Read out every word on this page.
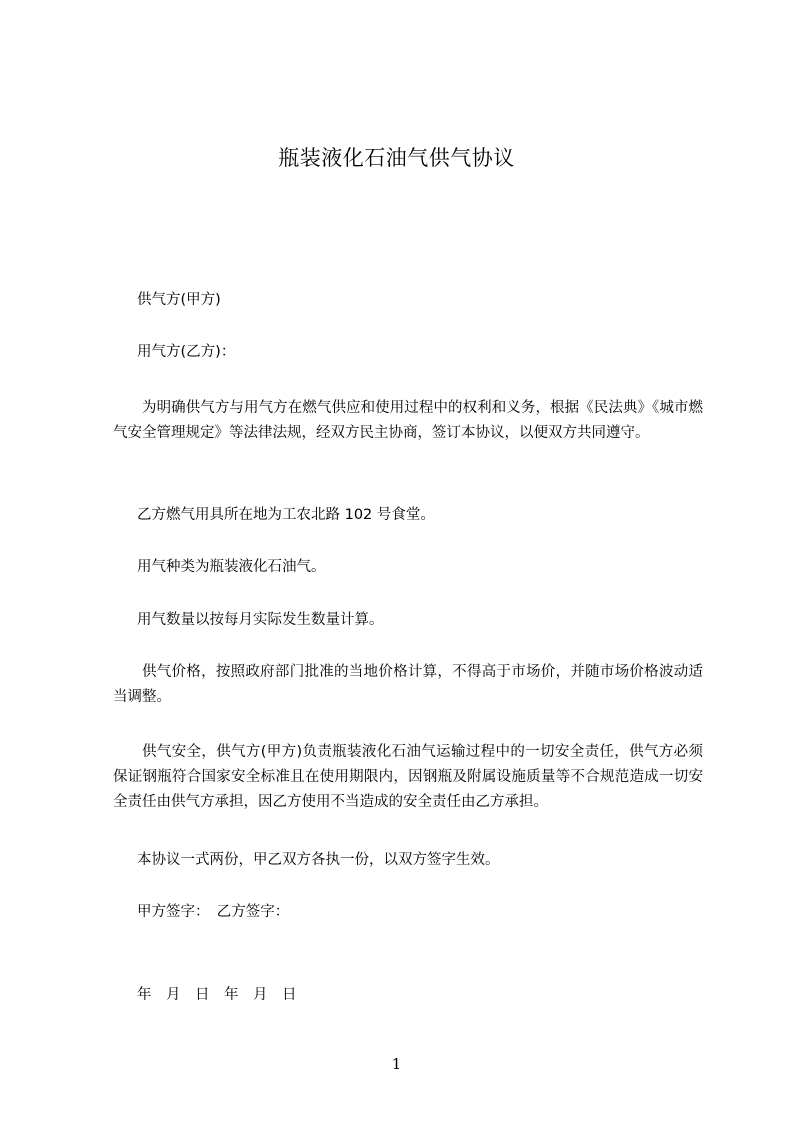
瓶装液化石油气供气协议

供气方(甲方)

用气方(乙方)：

为明确供气方与用气方在燃气供应和使用过程中的权利和义务，根据《民法典》《城市燃气安全管理规定》等法律法规，经双方民主协商，签订本协议，以便双方共同遵守。

乙方燃气用具所在地为工农北路 102 号食堂。

用气种类为瓶装液化石油气。

用气数量以按每月实际发生数量计算。

供气价格，按照政府部门批准的当地价格计算，不得高于市场价，并随市场价格波动适当调整。

供气安全，供气方(甲方)负责瓶装液化石油气运输过程中的一切安全责任，供气方必须保证钢瓶符合国家安全标准且在使用期限内，因钢瓶及附属设施质量等不合规范造成一切安全责任由供气方承担，因乙方使用不当造成的安全责任由乙方承担。

本协议一式两份，甲乙双方各执一份，以双方签字生效。

甲方签字：　乙方签字：

年　月　日　年　月　日

1
